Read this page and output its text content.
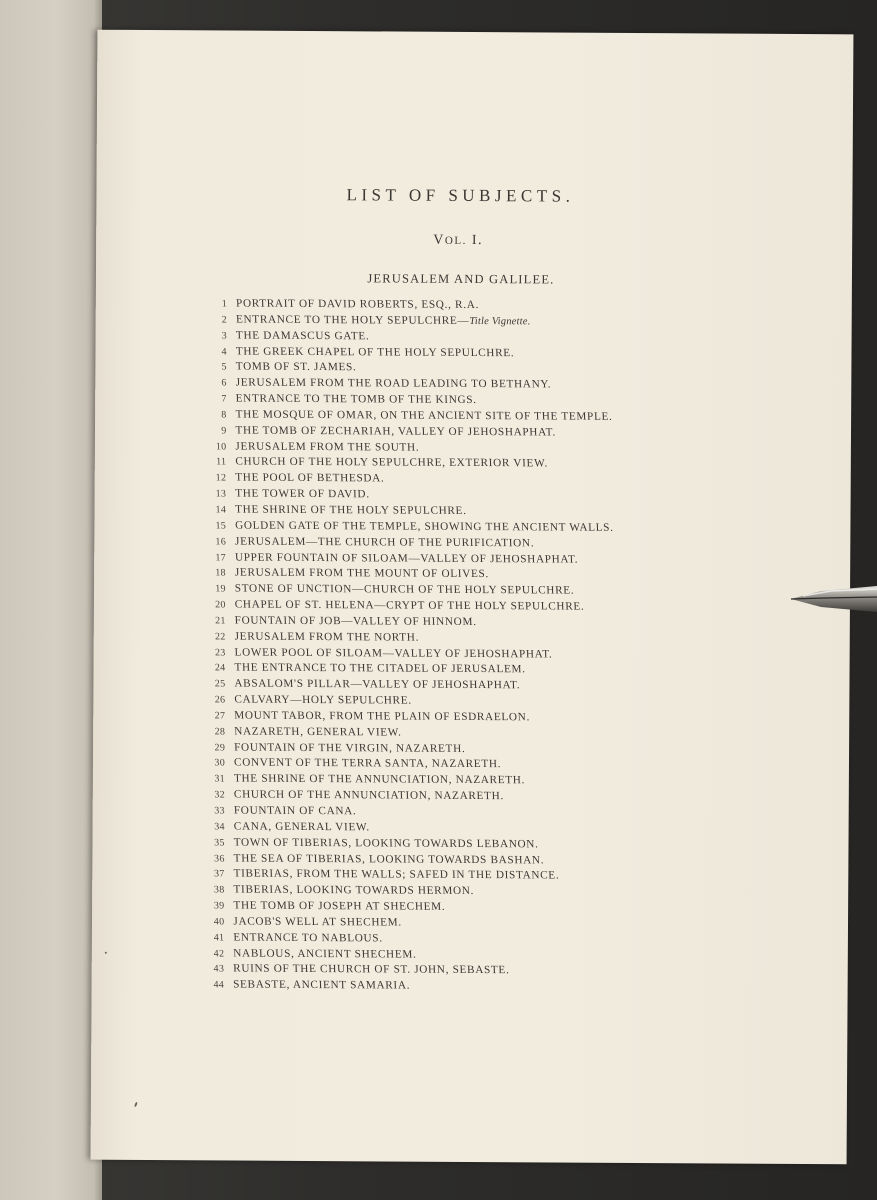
LIST OF SUBJECTS.
VOL. I.
JERUSALEM AND GALILEE.
1 PORTRAIT OF DAVID ROBERTS, ESQ., R.A.
2 ENTRANCE TO THE HOLY SEPULCHRE—Title Vignette.
3 THE DAMASCUS GATE.
4 THE GREEK CHAPEL OF THE HOLY SEPULCHRE.
5 TOMB OF ST. JAMES.
6 JERUSALEM FROM THE ROAD LEADING TO BETHANY.
7 ENTRANCE TO THE TOMB OF THE KINGS.
8 THE MOSQUE OF OMAR, ON THE ANCIENT SITE OF THE TEMPLE.
9 THE TOMB OF ZECHARIAH, VALLEY OF JEHOSHAPHAT.
10 JERUSALEM FROM THE SOUTH.
11 CHURCH OF THE HOLY SEPULCHRE, EXTERIOR VIEW.
12 THE POOL OF BETHESDA.
13 THE TOWER OF DAVID.
14 THE SHRINE OF THE HOLY SEPULCHRE.
15 GOLDEN GATE OF THE TEMPLE, SHOWING THE ANCIENT WALLS.
16 JERUSALEM—THE CHURCH OF THE PURIFICATION.
17 UPPER FOUNTAIN OF SILOAM—VALLEY OF JEHOSHAPHAT.
18 JERUSALEM FROM THE MOUNT OF OLIVES.
19 STONE OF UNCTION—CHURCH OF THE HOLY SEPULCHRE.
20 CHAPEL OF ST. HELENA—CRYPT OF THE HOLY SEPULCHRE.
21 FOUNTAIN OF JOB—VALLEY OF HINNOM.
22 JERUSALEM FROM THE NORTH.
23 LOWER POOL OF SILOAM—VALLEY OF JEHOSHAPHAT.
24 THE ENTRANCE TO THE CITADEL OF JERUSALEM.
25 ABSALOM'S PILLAR—VALLEY OF JEHOSHAPHAT.
26 CALVARY—HOLY SEPULCHRE.
27 MOUNT TABOR, FROM THE PLAIN OF ESDRAELON.
28 NAZARETH, GENERAL VIEW.
29 FOUNTAIN OF THE VIRGIN, NAZARETH.
30 CONVENT OF THE TERRA SANTA, NAZARETH.
31 THE SHRINE OF THE ANNUNCIATION, NAZARETH.
32 CHURCH OF THE ANNUNCIATION, NAZARETH.
33 FOUNTAIN OF CANA.
34 CANA, GENERAL VIEW.
35 TOWN OF TIBERIAS, LOOKING TOWARDS LEBANON.
36 THE SEA OF TIBERIAS, LOOKING TOWARDS BASHAN.
37 TIBERIAS, FROM THE WALLS; SAFED IN THE DISTANCE.
38 TIBERIAS, LOOKING TOWARDS HERMON.
39 THE TOMB OF JOSEPH AT SHECHEM.
40 JACOB'S WELL AT SHECHEM.
41 ENTRANCE TO NABLOUS.
42 NABLOUS, ANCIENT SHECHEM.
43 RUINS OF THE CHURCH OF ST. JOHN, SEBASTE.
44 SEBASTE, ANCIENT SAMARIA.
